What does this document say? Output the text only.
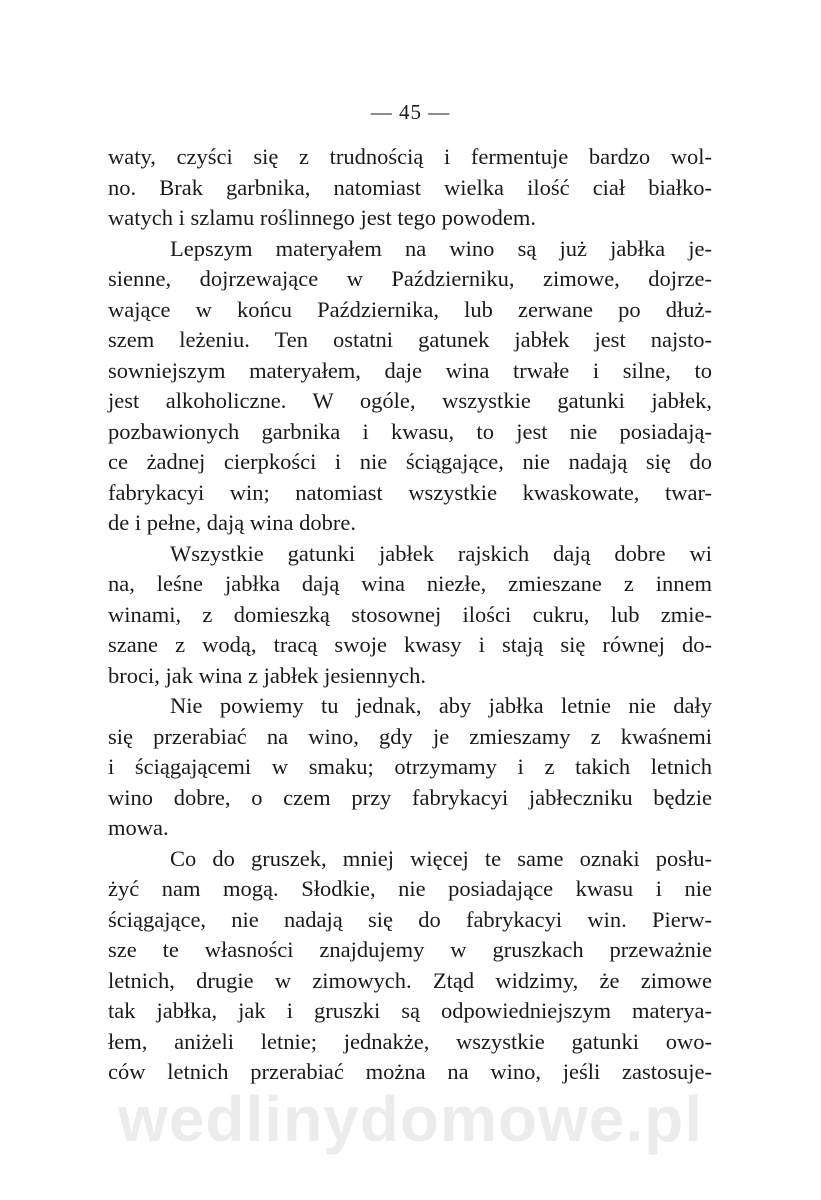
— 45 —
waty, czyści się z trudnością i fermentuje bardzo wol-
no. Brak garbnika, natomiast wielka ilość ciał białko-
watych i szlamu roślinnego jest tego powodem.
Lepszym materyałem na wino są już jabłka je-
sienne, dojrzewające w Październiku, zimowe, dojrze-
wające w końcu Października, lub zerwane po dłuż-
szem leżeniu. Ten ostatni gatunek jabłek jest najsto-
sowniejszym materyałem, daje wina trwałe i silne, to
jest alkoholiczne. W ogóle, wszystkie gatunki jabłek,
pozbawionych garbnika i kwasu, to jest nie posiadają-
ce żadnej cierpkości i nie ściągające, nie nadają się do
fabrykacyi win; natomiast wszystkie kwaskowate, twar-
de i pełne, dają wina dobre.
Wszystkie gatunki jabłek rajskich dają dobre wi
na, leśne jabłka dają wina niezłe, zmieszane z innem
winami, z domieszką stosownej ilości cukru, lub zmie-
szane z wodą, tracą swoje kwasy i stają się równej do-
broci, jak wina z jabłek jesiennych.
Nie powiemy tu jednak, aby jabłka letnie nie dały
się przerabiać na wino, gdy je zmieszamy z kwaśnemi
i ściągającemi w smaku; otrzymamy i z takich letnich
wino dobre, o czem przy fabrykacyi jabłeczniku będzie
mowa.
Co do gruszek, mniej więcej te same oznaki posłu-
żyć nam mogą. Słodkie, nie posiadające kwasu i nie
ściągające, nie nadają się do fabrykacyi win. Pierw-
sze te własności znajdujemy w gruszkach przeważnie
letnich, drugie w zimowych. Ztąd widzimy, że zimowe
tak jabłka, jak i gruszki są odpowiedniejszym materya-
łem, aniżeli letnie; jednakże, wszystkie gatunki owo-
ców letnich przerabiać można na wino, jeśli zastosuje-
wedlinydomowe.pl
